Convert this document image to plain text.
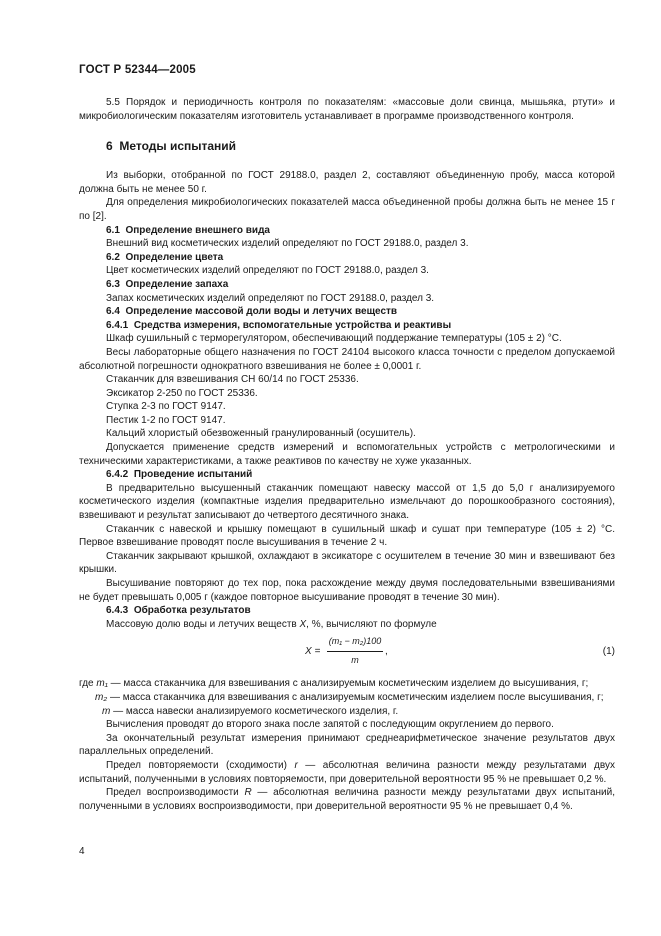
ГОСТ Р 52344—2005

5.5 Порядок и периодичность контроля по показателям: «массовые доли свинца, мышьяка, ртути» и микробиологическим показателям изготовитель устанавливает в программе производственного контроля.

6 Методы испытаний

Из выборки, отобранной по ГОСТ 29188.0, раздел 2, составляют объединенную пробу, масса которой должна быть не менее 50 г.

Для определения микробиологических показателей масса объединенной пробы должна быть не менее 15 г по [2].

6.1 Определение внешнего вида

Внешний вид косметических изделий определяют по ГОСТ 29188.0, раздел 3.

6.2 Определение цвета

Цвет косметических изделий определяют по ГОСТ 29188.0, раздел 3.

6.3 Определение запаха

Запах косметических изделий определяют по ГОСТ 29188.0, раздел 3.

6.4 Определение массовой доли воды и летучих веществ

6.4.1 Средства измерения, вспомогательные устройства и реактивы

Шкаф сушильный с терморегулятором, обеспечивающий поддержание температуры (105 ± 2) °С.

Весы лабораторные общего назначения по ГОСТ 24104 высокого класса точности с пределом допускаемой абсолютной погрешности однократного взвешивания не более ± 0,0001 г.

Стаканчик для взвешивания СН 60/14 по ГОСТ 25336.

Эксикатор 2-250 по ГОСТ 25336.

Ступка 2-3 по ГОСТ 9147.

Пестик 1-2 по ГОСТ 9147.

Кальций хлористый обезвоженный гранулированный (осушитель).

Допускается применение средств измерений и вспомогательных устройств с метрологическими и техническими характеристиками, а также реактивов по качеству не хуже указанных.

6.4.2 Проведение испытаний

В предварительно высушенный стаканчик помещают навеску массой от 1,5 до 5,0 г анализируемого косметического изделия (компактные изделия предварительно измельчают до порошкообразного состояния), взвешивают и результат записывают до четвертого десятичного знака.

Стаканчик с навеской и крышку помещают в сушильный шкаф и сушат при температуре (105 ± 2) °С. Первое взвешивание проводят после высушивания в течение 2 ч.

Стаканчик закрывают крышкой, охлаждают в эксикаторе с осушителем в течение 30 мин и взвешивают без крышки.

Высушивание повторяют до тех пор, пока расхождение между двумя последовательными взвешиваниями не будет превышать 0,005 г (каждое повторное высушивание проводят в течение 30 мин).

6.4.3 Обработка результатов

Массовую долю воды и летучих веществ X, %, вычисляют по формуле

$X = \frac{\text{(m₁ − m₂)100}}{m}$ ,	(1)

где m₁ — масса стаканчика для взвешивания с анализируемым косметическим изделием до высушивания, г;

m₂ — масса стаканчика для взвешивания с анализируемым косметическим изделием после высушивания, г;

m — масса навески анализируемого косметического изделия, г.

Вычисления проводят до второго знака после запятой с последующим округлением до первого.

За окончательный результат измерения принимают среднеарифметическое значение результатов двух параллельных определений.

Предел повторяемости (сходимости) r — абсолютная величина разности между результатами двух испытаний, полученными в условиях повторяемости, при доверительной вероятности 95 % не превышает 0,2 %.

Предел воспроизводимости R — абсолютная величина разности между результатами двух испытаний, полученными в условиях воспроизводимости, при доверительной вероятности 95 % не превышает 0,4 %.

4
